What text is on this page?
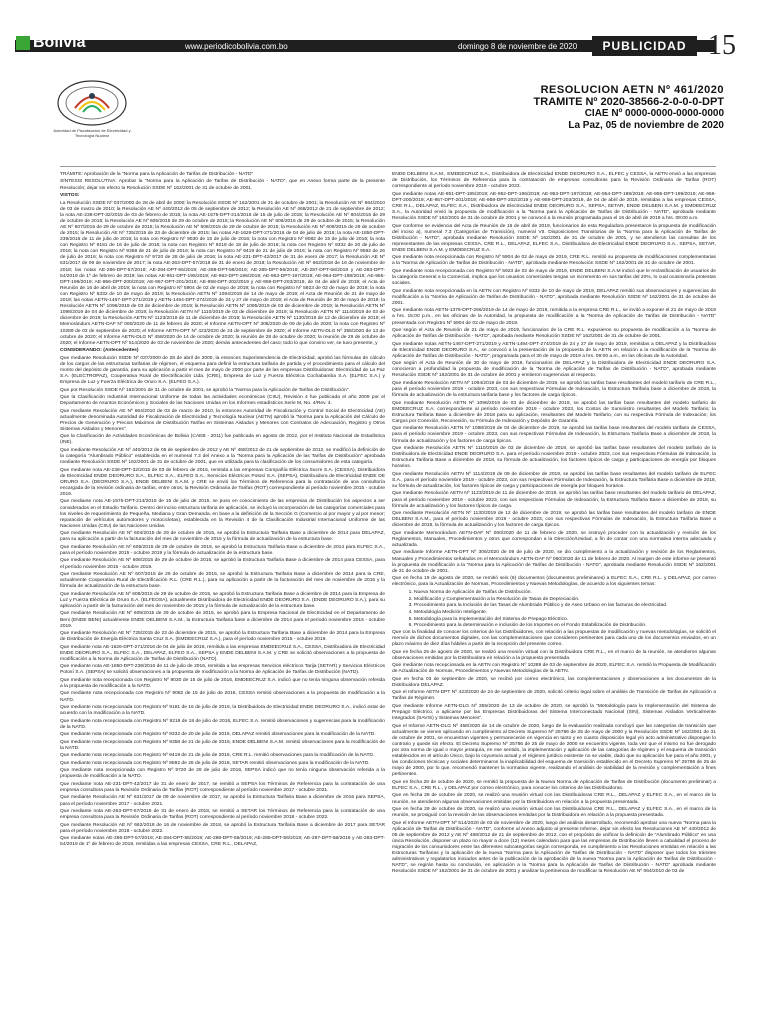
Bolivia	www.periodicobolivia.com.bo	domingo 8 de noviembre de 2020	PUBLICIDAD 15
Autoridad de Fiscalización de Electricidad y Tecnología Nuclear
RESOLUCION AETN Nº 461/2020
TRAMITE Nº 2020-38566-2-0-0-0-DPT
CIAE Nº 0000-0000-0000-0000
La Paz, 05 de noviembre de 2020

TRÁMITE: Aprobación de la "Norma para la Aplicación de Tarifas de Distribución - NATD"

SÍNTESIS RESOLUTIVA: Aprobar la "Norma para la Aplicación de Tarifas de Distribución - NATD", que en Anexo forma parte de la presente Resolución; dejar sin efecto la Resolución SSDE Nº 162/2001 de 31 de octubre de 2001.

VISTOS:

La Resolución SSDE Nº 037/2000 de 28 de abril de 2000; la Resolución SSDE Nº 162/2001 de 31 de octubre de 2001; la Resolución AE Nº 664/2010 de 03 de marzo de 2010; la Resolución AE Nº 440/2012 de 05 de septiembre de 2012; la Resolución AE Nº 468/2012 de 21 de septiembre de 2012; la nota AE-238-DPT-32/2015 de 03 de febrero de 2015; la nota AE-1575-DPT-214/2015 de 15 de julio de 2015; la Resolución AE Nº 804/2015 de 29 de octubre de 2015; la Resolución AE Nº 605/2015 de 29 de octubre de 2015; la Resolución AE Nº 606/2015 de 29 de octubre de 2015; la Resolución AE Nº 607/2015 de 29 de octubre de 2015; la Resolución AE Nº 608/2015 de 29 de octubre de 2015; la Resolución AE Nº 609/2015 de 29 de octubre de 2015; la Resolución AE Nº 725/2015 de 23 de diciembre de 2015; las notas AE-1626-DPT-271/2016 de 04 de julio de 2016; la nota AE-1850-DPT-239/2016 de 11 de julio de 2016; la nota con Registro Nº 9030 de 15 de julio de 2016; la nota con Registro Nº 9082 de 15 de julio de 2016; la nota con Registro Nº 9181 de 16 de julio de 2016; la nota con Registro Nº 9218 de 18 de julio de 2016; la nota con Registro Nº 9332 de 20 de julio de 2016; la nota con Registro Nº 9358 de 21 de julio de 2016; la nota con Registro Nº 9419 de 21 de julio de 2016; la nota con Registro Nº 9592 de 26 de julio de 2016; la nota con Registro Nº 9720 de 28 de julio de 2016; la nota AE-231-DPT-42/2017 de 31 de enero de 2017; la Resolución AE Nº 631/2017 de 09 de noviembre de 2017; la nota AE-263-DPT-57/2018 de 31 de enero de 2018; la Resolución AE Nº 662/2018 de 16 de noviembre de 2018; las notas AE-286-DPT-57/2019; AE-284-DPT-55/2019; AE-288-DPT-59/2019; AE-285-DPT-56/2019; AE-287-DPT-58/2019 y AE-283-DPT-54/2019 de 1º de febrero de 2019; las notas AE-951-DPT-195/2019; AE-952-DPT-196/2019; AE-953-DPT-197/2019; AE-954-DPT-198/2019; AE-955-DPT-199/2019; AE-956-DPT-200/2019; AE-957-DPT-201/2019; AE-958-DPT-202/2019 y AE-959-DPT-203/2019, de 04 de abril de 2019; el Acta de Reunión de 16 de abril de 2019; la nota con Registro Nº 5904 de 02 de mayo de 2019; la nota con Registro Nº 5923 de 02 de mayo de 2019; la nota con Registro Nº 6332 de 10 de mayo de 2019; la Resolución AETN Nº 1094/2019 de 14 de mayo de 2019; el Acta de Reunión de 21 de mayo de 2019; las notas AETN-1467-DPT-271/2019 y AETN-1494-DPT-274/2019 de 24 y 27 de mayo de 2019; el Acta de Reunión de 30 de mayo de 2019; la Resolución AETN Nº 1096/2019 de 03 de diciembre de 2019; la Resolución AETN Nº 1095/2019 de 03 de diciembre de 2019; la Resolución AETN Nº 1098/2019 de 04 de diciembre de 2019; la Resolución AETN Nº 1110/2019 de 03 de diciembre de 2019; la Resolución AETN Nº 1114/2019 de 03 de diciembre de 2019; la Resolución AETN Nº 1123/2019 de 11 de diciembre de 2019; la Resolución AETN Nº 1130/2019 de 12 de diciembre de 2019; el Memorándum AETN-DAF Nº 060/2020 de 11 de febrero de 2020; el Informe AETN-DPT Nº 306/2020 de 09 de julio de 2020; la nota con Registro Nº 10289 de 03 de septiembre de 2020; el Informe AETN-DPT Nº 423/2020 de 24 de septiembre de 2020; el Informe AETN-DLG Nº 355/2020 de 13 de octubre de 2020; el Informe AETN-DLG Nº 458/2020 de 14 de octubre de 2020; la reunión de 28 de octubre de 2020; la reunión de 29 de octubre de 2020; el Informe AETN-DPT Nº 514/2020 de 03 de noviembre de 2020; demás antecedentes del caso; todo lo que convino ver, se tuvo presente, y

CONSIDERANDO: (Antecedentes)

Que mediante Resolución SSDE Nº 037/2000 de 28 de abril de 2000, la entonces Superintendencia de Electricidad, aprobó las fórmulas de cálculo de los cargos de las estructuras tarifarias de régimen, el esquema para definir la estructura tarifaria de partida y el procedimiento para el cálculo del monto del depósito de garantía, para su aplicación a partir el mes de mayo de 2000 por parte de las empresas Distribuidoras: Electricidad de La Paz S.A. (ELECTROPAZ), Cooperativa Rural de Electrificación Ltda. (CRE), Empresa de Luz y Fuerza Eléctrica Cochabamba S.A. (ELFEC S.A.) y Empresa de Luz y Fuerza Eléctrica de Oruro S.A. (ELFEO S.A.).

Que por Resolución SSDE Nº 162/2001 de 31 de octubre de 2001, se aprobó la "Norma para la Aplicación de Tarifas de Distribución".

Que la Clasificación Industrial Internacional Uniforme de todas las actividades económicas (CIIU), Revisión 4 fue publicada el año 2009 por el Departamento de Asuntos Económicos y Sociales de las Naciones Unidas en los Informes estadísticos Serie M, No. 4/Rev. 4.

Que mediante Resolución AE Nº 664/2010 de 03 de marzo de 2010, la entonces Autoridad de Fiscalización y Control Social de Electricidad (AE) actualmente denominada Autoridad de Fiscalización de Electricidad y Tecnología Nuclear (AETN) aprobó la "Norma para la Aplicación del Cálculo de Precios de Generación y Precios Máximos de Distribución Tarifas en Sistemas Aislados y Menores con Contratos de Adecuación, Registro y Otros Sistemas Aislados y Menores".

Que la Clasificación de Actividades Económicas de Bolivia (CAEB - 2011) fue publicada en agosto de 2012, por el Instituto Nacional de Estadística (INE).

Que mediante Resolución AE Nº 440/2012 de 05 de septiembre de 2012 y AE Nº 468/2012 de 21 de septiembre de 2012, se modificó la definición de la categoría "Alumbrado Público" establecida en el numeral 7.3 del Anexo a la "Norma para la Aplicación de las Tarifas de Distribución" aprobada mediante Resolución SSDE Nº 162/2001 de 31 de octubre de 2001, que es utilizada para la clasificación de los consumidores de esta categoría.

Que mediante nota AE-238-DPT-32/2015 de 03 de febrero de 2015, remitida a las empresas Compañía Eléctrica Sucre S.A. (CESSA), Distribuidora de Electricidad ENDE DEORURO S.A., ELFEC S.A., ELFEO S.A., Servicios Eléctricos Potosí S.A. (SEPSA), Distribuidora de Electricidad ENDE DE ORURO S.A. (DEORURO S.A.), ENDE DELBENI S.A.M. y CRE se envió los Términos de Referencia para la contratación de una consultoría encargada de la revisión ordinaria de tarifas, entre otros, la Revisión Ordinaria de Tarifas (ROT) correspondiente al período noviembre 2015 - octubre 2019.

Que mediante nota AE-1575-DPT-214/2015 de 15 de julio de 2015, se puso en conocimiento de las empresas de Distribución los aspectos a ser considerados en el Estudio Tarifario. Dentro del inciso estructura tarifaria de aplicación, se incluyó la incorporación de las categorías comerciales para los niveles de requerimiento de Pequeña, Mediana y Gran Demanda, en base a la definición de la Sección G (Comercio al por mayor y al por menor; reparación de vehículos automotores y motocicletas), establecida en la Revisión 4 de la Clasificación Industrial Internacional Uniforme de las Naciones Unidas (CIIU) de las Naciones Unidas.

Que mediante Resolución AE Nº 604/2015 de 29 de octubre de 2015, se aprobó la Estructura Tarifaria Base a diciembre de 2014 para DELAPAZ, para su aplicación a partir de la facturación del mes de noviembre de 2015 y la fórmula de actualización de la estructura base.

Que mediante Resolución AE Nº 605/2015 de 29 de octubre de 2015, se aprobó la Estructura Tarifaria Base a diciembre de 2014 para ELFEC S.A., para el período noviembre 2015 - octubre 2019 y la fórmula de actualización de la estructura base.

Que mediante Resolución AE Nº 606/2015 de 29 de octubre de 2015, se aprobó la Estructura Tarifaria Base a diciembre de 2014 para CESSA, para el período noviembre 2015 - octubre 2019.

Que mediante Resolución AE Nº 607/2015 de 29 de octubre de 2015, se aprobó la Estructura Tarifaria Base a diciembre de 2014 para la CRE, actualmente Cooperativa Rural de Electrificación R.L. (CRE R.L.), para su aplicación a partir de la facturación del mes de noviembre de 2015 y la fórmula de actualización de la estructura base.

Que mediante Resolución AE Nº 608/2015 de 29 de octubre de 2015, se aprobó la Estructura Tarifaria Base a diciembre de 2014 para la Empresa de Luz y Fuerza Eléctrica de Oruro S.A. (ELFEOSA), actualmente Distribuidora de Electricidad ENDE DEORURO S.A. (ENDE DEORURO S.A.), para su aplicación a partir de la facturación del mes de noviembre de 2015 y la fórmula de actualización de la estructura base.

Que mediante Resolución AE Nº 609/2015 de 29 de octubre de 2015, se aprobó para la Empresa Nacional de Electricidad en el Departamento de Beni (ENDE BENI) actualmente ENDE DELBENI S.A.M., la Estructura Tarifaria base a diciembre de 2014 para el período noviembre 2015 - octubre 2019.

Que mediante Resolución AE Nº 725/2015 de 23 de diciembre de 2015, se aprobó la Estructura Tarifaria Base a diciembre de 2014 para la Empresa de Distribución de Energía Eléctrica Santa Cruz S.A. (EMDEECRUZ S.A.), para el período noviembre 2015 - octubre 2019.

Que mediante nota AE-1626-DPT-271/2016 de 04 de julio de 2016, remitida a las empresas EMDEECRUZ S.A., CESSA, Distribuidora de Electricidad ENDE DEORURO S.A., ELFEC S.A., DELAPAZ, ELFEO S.A., SEPSA y ENDE DELBENI S.A.M. y CRE se solicitó observaciones a la propuesta de modificación a la Norma de Aplicación de Tarifas de Distribución (NATD).

Que mediante nota AE-1850-DPT-239/2016 de 11 de julio de 2016, remitida a las empresas Servicios eléctricos Tarija (SETAR) y Servicios Eléctricos Potosí S.A. (SEPSA) se solicitó observaciones a la propuesta de modificación a la Norma de Aplicación de Tarifas de Distribución (NATD).

Que mediante nota recepcionada con Registro Nº 9030 de 15 de julio de 2016, EMDEECRUZ S.A. indicó que no tenía ninguna observación referida a la propuesta de modificación a la NATD.

Que mediante nota recepcionada con Registro Nº 9082 de 15 de julio de 2016, CESSA remitió observaciones a la propuesta de modificación a la NATD.

Que mediante nota recepcionada con Registro Nº 9181 de 16 de julio de 2016, la Distribuidora de Electricidad ENDE DEORURO S.A., indicó estar de acuerdo con la modificación a la NATD.

Que mediante nota recepcionada con Registro Nº 9218 de 18 de julio de 2016, ELFEC S.A. remitió observaciones y sugerencias para la modificación de la NATD.

Que mediante nota recepcionada con Registro Nº 9332 de 20 de julio de 2016, DELAPAZ remitió observaciones para la modificación de la NATD.

Que mediante nota recepcionada con Registro Nº 9358 de 21 de julio de 2016, ENDE DELBENI S.A.M. remitió observaciones para la modificación de la NATD.

Que mediante nota recepcionada con Registro Nº 9419 de 21 de julio de 2016, CRE R.L. remitió observaciones para la modificación de la NATD.

Que mediante nota recepcionada con Registro Nº 9592 de 26 de julio de 2016, SETAR remitió observaciones para la modificación de la NATD.

Que mediante nota recepcionada con Registro Nº 9720 de 28 de julio de 2016, SEPSA indicó que no tenía ninguna observación referida a la propuesta de modificación a la NATD.

Que mediante nota AE-231-DPT-42/2017 de 31 de enero de 2017, se remitió a SEPSA los Términos de Referencia para la contratación de una empresa consultora para la Revisión Ordinaria de Tarifas (ROT) correspondiente al período noviembre 2017 - octubre 2021.

Que mediante Resolución AE Nº 631/2017 de 09 de noviembre de 2017, se aprobó la Estructura Tarifaria Base a diciembre de 2016 para SEPSA, para el período noviembre 2017 - octubre 2021.

Que mediante nota AE-263-DPT-57/2018 de 31 de enero de 2018, se remitió a SETAR los Términos de Referencia para la contratación de una empresa consultora para la Revisión Ordinaria de Tarifas (ROT) correspondiente al período noviembre 2018 - octubre 2022.

Que mediante Resolución AE Nº 662/2018 de 16 de noviembre de 2018, se aprobó la Estructura Tarifaria Base a diciembre de 2017 para SETAR para el período noviembre 2018 - octubre 2022.

Que mediante notas AE-286-DPT-57/2019; AE-284-DPT-55/2019; AE-288-DPT-59/2019; AE-285-DPT-56/2019; AE-287-DPT-58/2019 y AE-283-DPT-54/2019 de 1º de febrero de 2019, remitidas a las empresas CESSA, CRE R.L., DELAPAZ,

ENDE DELBENI S.A.M., EMDEECRUZ S.A., Distribuidora de Electricidad ENDE DEORURO S.A., ELFEC y CESSA, la AETN envió a las empresas de Distribución, los Términos de Referencia para la contratación de empresas consultoras para la Revisión Ordinaria de Tarifas (ROT) correspondiente al período noviembre 2019 - octubre 2023.

Que mediante notas AE-951-DPT-195/2019; AE-952-DPT-196/2019; AE-953-DPT-197/2019; AE-954-DPT-198/2019; AE-955-DPT-199/2019; AE-956-DPT-200/2019; AE-957-DPT-201/2019; AE-958-DPT-202/2019 y AE-959-DPT-203/2019, de 04 de abril de 2019, remitidas a las empresas CESSA, CRE R.L., DELAPAZ, ELFEC S.A., Distribuidora de Electricidad ENDE DEORURO S.A., SEPSA, SETAR, ENDE DELBENI S.A.M. y EMDEECRUZ S.A., la Autoridad envió la propuesta de modificación a la "Norma para la Aplicación de Tarifas de Distribución - NATD", aprobada mediante Resolución SSDE Nº 162/2001 de 31 de octubre de 2001 y se convocó a la reunión programada para el 16 de abril de 2019 a hrs. 09:00 a.m.

Que conforme se evidencia del Acta de Reunión de 16 de abril de 2019, funcionarios de esta Reguladora presentaron la propuesta de modificación del inciso a), numeral 7.3 (Categorías de Transición), numeral VII. Disposiciones Transitorias de la "Norma para la Aplicación de Tarifas de Distribución - NATD", aprobada mediante Resolución SSDE Nº 162/2001 de 31 de octubre de 2001, y se atendieron las consultas de los representantes de las empresas CESSA, CRE R.L., DELAPAZ, ELFEC S.A., Distribuidora de Electricidad ENDE DEORURO S.A., SEPSA, SETAR, ENDE DELBENI S.A.M. y EMDEECRUZ S.A.

Que mediante nota recepcionada con Registro Nº 5904 de 02 de mayo de 2019, CRE R.L. remitió su propuesta de modificaciones complementarias a la "Norma de Aplicación de Tarifas de Distribución - NATD", aprobada mediante Resolución SSDE Nº 162/2001 de 31 de octubre de 2001.

Que mediante nota recepcionada con Registro Nº 5923 de 02 de mayo de 2019, ENDE DELBENI S.A.M indicó que le reclasificación de usuarios de la categoría General a la Comercial, implica que los usuarios comerciales tengan un incremento en sus tarifas del 20%, lo cual ocasionaría protestas sociales.

Que mediante nota recepcionada en la AETN con Registro Nº 6332 de 10 de mayo de 2019, DELAPAZ remitió sus observaciones y sugerencias de modificación a la "Norma de Aplicación de Tarifas de Distribución - NATD", aprobada mediante Resolución SSDE Nº 162/2001 de 31 de octubre de 2001.

Que mediante nota AETN-1376-DPT-266/2019 de 14 de mayo de 2019, remitida a la empresa CRE R.L., se invitó a exponer el 21 de mayo de 2019 a hrs. 15:00 p.m., en las oficinas de la Autoridad, la propuesta de modificación a la "Norma de Aplicación de Tarifas de Distribución - NATD" presentada con Registro Nº 5904 de 02 de mayo de 2019.

Que según el Acta de Reunión de 21 de mayo de 2019, funcionarios de la CRE R.L. expusieron su propuesta de modificación a la "Norma de Aplicación de Tarifas de Distribución - NATD", aprobada mediante Resolución SSDE Nº 162/2001 de 31 de octubre de 2001.

Que mediante notas AETN-1467-DPT-271/2019 y AETN-1494-DPT-274/2019 de 24 y 27 de mayo de 2019, remitidas a DELAPAZ y la Distribuidora de Electricidad ENDE DEORURO S.A., se convocó a la presentación de la propuesta de la AETN en relación a la modificación de la "Norma de Aplicación de Tarifas de Distribución - NATD", programada para el 30 de mayo de 2019 a hrs. 09:00 a.m., en las oficinas de la Autoridad.

Que según el Acta de Reunión de 30 de mayo de 2019, funcionarios de DELAPAZ y la Distribuidora de Electricidad ENDE DEORURO S.A. conocieron a profundidad la propuesta de modificación de la "Norma de Aplicación de Tarifas de Distribución - NATD", aprobada mediante Resolución SSDE Nº 162/2001 de 31 de octubre de 2001 y emitieron sugerencias al respecto.

Que mediante Resolución AETN Nº 1094/2019 de 03 de diciembre de 2019, se aprobó las tarifas base resultantes del modelo tarifario de CRE R.L., para el período noviembre 2019 - octubre 2023, con sus respectivas Fórmulas de Indexación, la Estructura Tarifaria base a diciembre de 2018, la fórmula de actualización de la estructura tarifaria base y los factores de carga típicos.

Que mediante Resolución AETN Nº 1096/2019 de 03 de diciembre de 2019, se aprobó las tarifas base resultantes del modelo tarifario de EMDEECRUZ S.A. correspondiente al período noviembre 2019 - octubre 2023, los Costos de Suministro resultantes del Modelo Tarifario; la Estructura Tarifaria Base a diciembre de 2018 para su aplicación, resultantes del Modelo Tarifario, con su respectiva Fórmula de Indexación; los Cargos por Conexión, Reconexión, su Fórmula de Indexación y Depósito de Garantía.

Que mediante Resolución AETN Nº 1098/2019 de 04 de diciembre de 2019, se aprobó las tarifas base resultantes del modelo tarifario de CESSA, para el período noviembre 2019 - octubre 2023, con sus respectivas Fórmulas de Indexación, la Estructura Tarifaria Base a diciembre de 2018, la fórmula de actualización y los factores de carga típicos.

Que mediante Resolución AETN Nº 1110/2019 de 03 de diciembre de 2019, se aprobó las tarifas base resultantes del modelo tarifario de la Distribuidora de Electricidad ENDE DEORURO S.A. para el período noviembre 2019 - octubre 2023, con sus respectivas Fórmulas de Indexación, la Estructura Tarifaria Base a diciembre de 2018, su fórmula de actualización, los factores típicos de carga y participaciones de energía por bloques horarios.

Que mediante Resolución AETN Nº 1114/2019 de 09 de diciembre de 2019, se aprobó las tarifas base resultantes del modelo tarifario de ELFEC S.A., para el período noviembre 2019 - octubre 2023, con sus respectivas Fórmulas de Indexación, la Estructura Tarifaria Base a diciembre de 2018, su fórmula de actualización, los factores típicos de carga y participaciones de energía por bloques horarios.

Que mediante Resolución AETN Nº 1123/2019 de 11 de diciembre de 2019, se aprobó las tarifas base resultantes del modelo tarifario de DELAPAZ, para el período noviembre 2019 - octubre 2023, con sus respectivas Fórmulas de Indexación, la Estructura Tarifaria Base a diciembre de 2018, su fórmula de actualización y los factores típicos de carga.

Que mediante Resolución AETN Nº 1130/2019 de 12 de diciembre de 2019, se aprobó las tarifas base resultantes del modelo tarifario de ENDE DELBENI S.A.M., para el período noviembre 2019 - octubre 2023, con sus respectivas Fórmulas de Indexación, la Estructura Tarifaria Base a diciembre de 2018, la fórmula de actualización y los factores de carga típicos.

Que mediante Memorándum AETN-DAF Nº 060/2020 de 11 de febrero de 2020, se instruyó proceder con la actualización y revisión de los Reglamentos, Manuales, Procedimientos y otros que correspondan a la Dirección/Unidad, a fin de contar con una normativa interna adecuada y actualizada.

Que mediante Informe AETN-DPT Nº 306/2020 de 09 de julio de 2020, se dio cumplimiento a la actualización y revisión de los Reglamentos, Manuales y Procedimientos señalados en el Memorándum AETN-DAF Nº 060/2020 de 11 de febrero de 2020. Al margen de este informe se presentó la propuesta de modificación a la "Norma para la Aplicación de Tarifas de Distribución - NATD", aprobada mediante Resolución SSDE Nº 162/2001 de 31 de octubre de 2001.

Que en fecha 19 de agosto de 2020, se remitió seis (6) documentos (documentos preliminares) a ELFEC S.A., CRE R.L. y DELAPAZ, por correo electrónico, para la Actualización de Normas, Procedimientos y Nuevas Metodologías, de acuerdo a los siguientes temas:

1. Nueva Norma de Aplicación de Tarifas de Distribución.
2. Modificación y Complementación a la Resolución de Tasas de Depreciación.
3. Procedimiento para la Inclusión de las Tasas de Alumbrado Público y de Aseo Urbano en las facturas de electricidad.
4. Metodología Medición Inteligente.
5. Metodología para la Implementación del Sistema de Prepago Eléctrico.
6. Procedimiento para la determinación e inclusión de los Importes en el Fondo Estabilización de Distribución.

Que con la finalidad de conocer los criterios de los Distribuidores, con relación a las propuestas de modificación y nuevas metodologías, se solicitó el reenvío de dichos documentos digitales, con las complementaciones que consideren pertinentes para cada uno de los documentos enviados, en un plazo máximo de diez días hábiles a partir de la recepción del presente correo.

Que en fecha 25 de agosto de 2020, se realizó una reunión virtual con la Distribuidora CRE R.L., en el marco de la reunión, se atendieron algunas observaciones emitidas por la Distribuidora en relación a la propuesta presentada.

Que mediante nota recepcionada en la AETN con Registro Nº 10289 de 03 de septiembre de 2020, ELFEC S.A. remitió la Propuesta de Modificación de Actualización de Normas, Procedimientos y Nuevas Metodologías de la AETN.

Que en fecha 03 de septiembre de 2020, se recibió por correo electrónico, las complementaciones y observaciones a los documentos de la Distribuidora DELAPAZ.

Que el Informe AETN-DPT Nº 423/2020 de 24 de septiembre de 2020, solicitó criterio legal sobre el análisis de Transición de Tarifas de Aplicación a Tarifas de Régimen.

Que mediante Informe AETN-DLG Nº 355/2020 de 13 de octubre de 2020, se aprobó la "Metodología para la Implementación del Sistema de Prepago Eléctrico, a aplicarse por las Empresas Distribuidoras del Sistema Interconectado Nacional (SIN), Sistemas Aislados Verticalmente Integrados (SAVIS) y Sistemas Menores".

Que el Informe AETN-DLG Nº 458/2020 de 14 de octubre de 2020, luego de la evaluación realizada concluyó que las categorías de transición que actualmente se vienen aplicando en cumplimiento al Decreto Supremo Nº 25786 de 25 de mayo de 2000 y la Resolución SSDE Nº 162/2001 de 31 de octubre de 2001, se encuentran vigentes y permanecerán en vigencia en tanto y en cuanto disposición legal y/o acto administrativo dispongan lo contrario y quede sin efecto. El Decreto Supremo Nº 25786 de 25 de mayo de 2000 se encuentra vigente, toda vez que el mismo no fue derogado por otra norma de igual o mayor jerarquía, en ese sentido, la implementación y aplicación de las categorías de régimen y el esquema de transición establecidos en el artículo Único, bajo la coyuntura actual y el régimen jurídico existente no se viable, dado que su aplicación fue para el año 2001, y las condiciones técnicas y sociales determinaron la inaplicabilidad del esquema de transición establecido en el Decreto Supremo Nº 25786 de 25 de mayo de 2000, por lo que, recomendó mantener la normativa vigente, realizando el análisis de viabilidad de la revisión y complementación a fines pertinentes.

Que en fecha 28 de octubre de 2020, se remitió la propuesta de la Nueva Norma de Aplicación de Tarifas de Distribución (documento preliminar) a ELFEC S.A., CRE R.L., y DELAPAZ por correo electrónico, para conocer los criterios de las Distribuidoras.

Que en fecha 28 de octubre de 2020, se realizó una reunión virtual con las Distribuidoras CRE R.L., DELAPAZ y ELFEC S.A., en el marco de la reunión, se atendieron algunas observaciones emitidas por la Distribuidora en relación a la propuesta presentada.

Que en fecha 29 de octubre de 2020, se realizó una reunión virtual con las Distribuidoras CRE R.L., DELAPAZ y ELFEC S.A., en el marco de la reunión, se prosiguió con la revisión de las observaciones emitidas por la Distribuidora en relación a la propuesta presentada.

Que el Informe AETN-DPT Nº 514/2020 de 03 de noviembre de 2020, luego del análisis desarrollado, recomendó aprobar una nueva "Norma para la Aplicación de Tarifas de Distribución - NATD", conforme al Anexo adjunto al presente Informe, dejar sin efecto las Resoluciones AE Nº 440/2012 de 05 de septiembre de 2012 y AE Nº 468/2012 de 21 de septiembre de 2012, con el propósito de unificar la definición de "Alumbrado Público" en una única Resolución, disponer un plazo no mayor a doce (12) meses calendario para que las empresas de Distribución lleven a cabalidad el proceso de migración de los consumidores entre las diferentes subcategorías según corresponda, en cumplimiento a las Resoluciones emitidas en relación a las Estructuras Tarifarias y la aplicación de la nueva "Norma para la Aplicación de Tarifas de Distribución - NATD" disponer que todos los trámites administrativos y regulatorios iniciados antes de la publicación de la aprobación de la nueva "Norma para la Aplicación de Tarifas de Distribución - NATD", se regirán hasta su conclusión, en aplicación a la "Norma para la Aplicación de Tarifas de Distribución - NATD" aprobada mediante Resolución SSDE Nº 162/2001 de 31 de octubre de 2001 y analizar la pertinencia de modificar la Resolución AE Nº 064/2010 de 03 de
